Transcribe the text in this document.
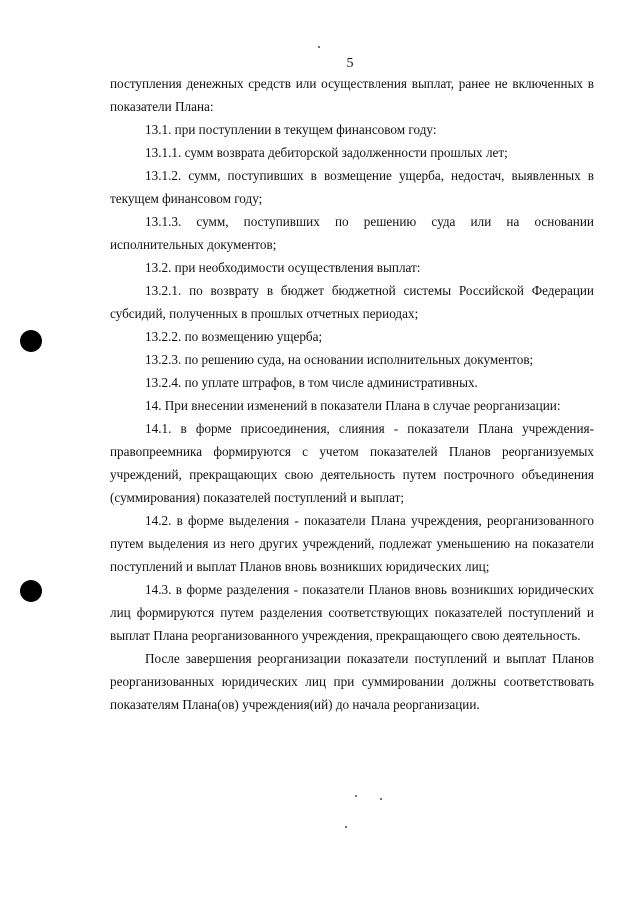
5

поступления денежных средств или осуществления выплат, ранее не включенных в показатели Плана:

13.1. при поступлении в текущем финансовом году:

13.1.1. сумм возврата дебиторской задолженности прошлых лет;

13.1.2. сумм, поступивших в возмещение ущерба, недостач, выявленных в текущем финансовом году;

13.1.3. сумм, поступивших по решению суда или на основании исполнительных документов;

13.2. при необходимости осуществления выплат:

13.2.1. по возврату в бюджет бюджетной системы Российской Федерации субсидий, полученных в прошлых отчетных периодах;

13.2.2. по возмещению ущерба;

13.2.3. по решению суда, на основании исполнительных документов;

13.2.4. по уплате штрафов, в том числе административных.

14. При внесении изменений в показатели Плана в случае реорганизации:

14.1. в форме присоединения, слияния - показатели Плана учреждения-правопреемника формируются с учетом показателей Планов реорганизуемых учреждений, прекращающих свою деятельность путем построчного объединения (суммирования) показателей поступлений и выплат;

14.2. в форме выделения - показатели Плана учреждения, реорганизованного путем выделения из него других учреждений, подлежат уменьшению на показатели поступлений и выплат Планов вновь возникших юридических лиц;

14.3. в форме разделения - показатели Планов вновь возникших юридических лиц формируются путем разделения соответствующих показателей поступлений и выплат Плана реорганизованного учреждения, прекращающего свою деятельность.

После завершения реорганизации показатели поступлений и выплат Планов реорганизованных юридических лиц при суммировании должны соответствовать показателям Плана(ов) учреждения(ий) до начала реорганизации.
